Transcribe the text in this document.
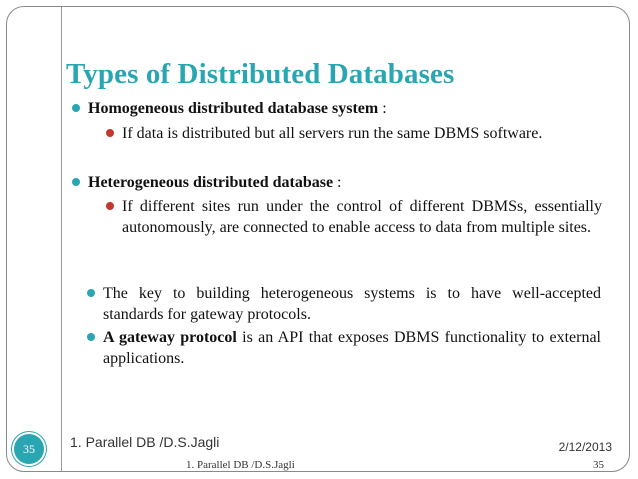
Types of Distributed Databases
Homogeneous distributed database system :
If data is distributed but all servers run the same DBMS software.
Heterogeneous distributed database :
If different sites run under the control of different DBMSs, essentially autonomously, are connected to enable access to data from multiple sites.
The key to building heterogeneous systems is to have well-accepted standards for gateway protocols.
A gateway protocol is an API that exposes DBMS functionality to external applications.
35	1. Parallel DB /D.S.Jagli	2/12/2013
1. Parallel DB /D.S.Jagli	35
